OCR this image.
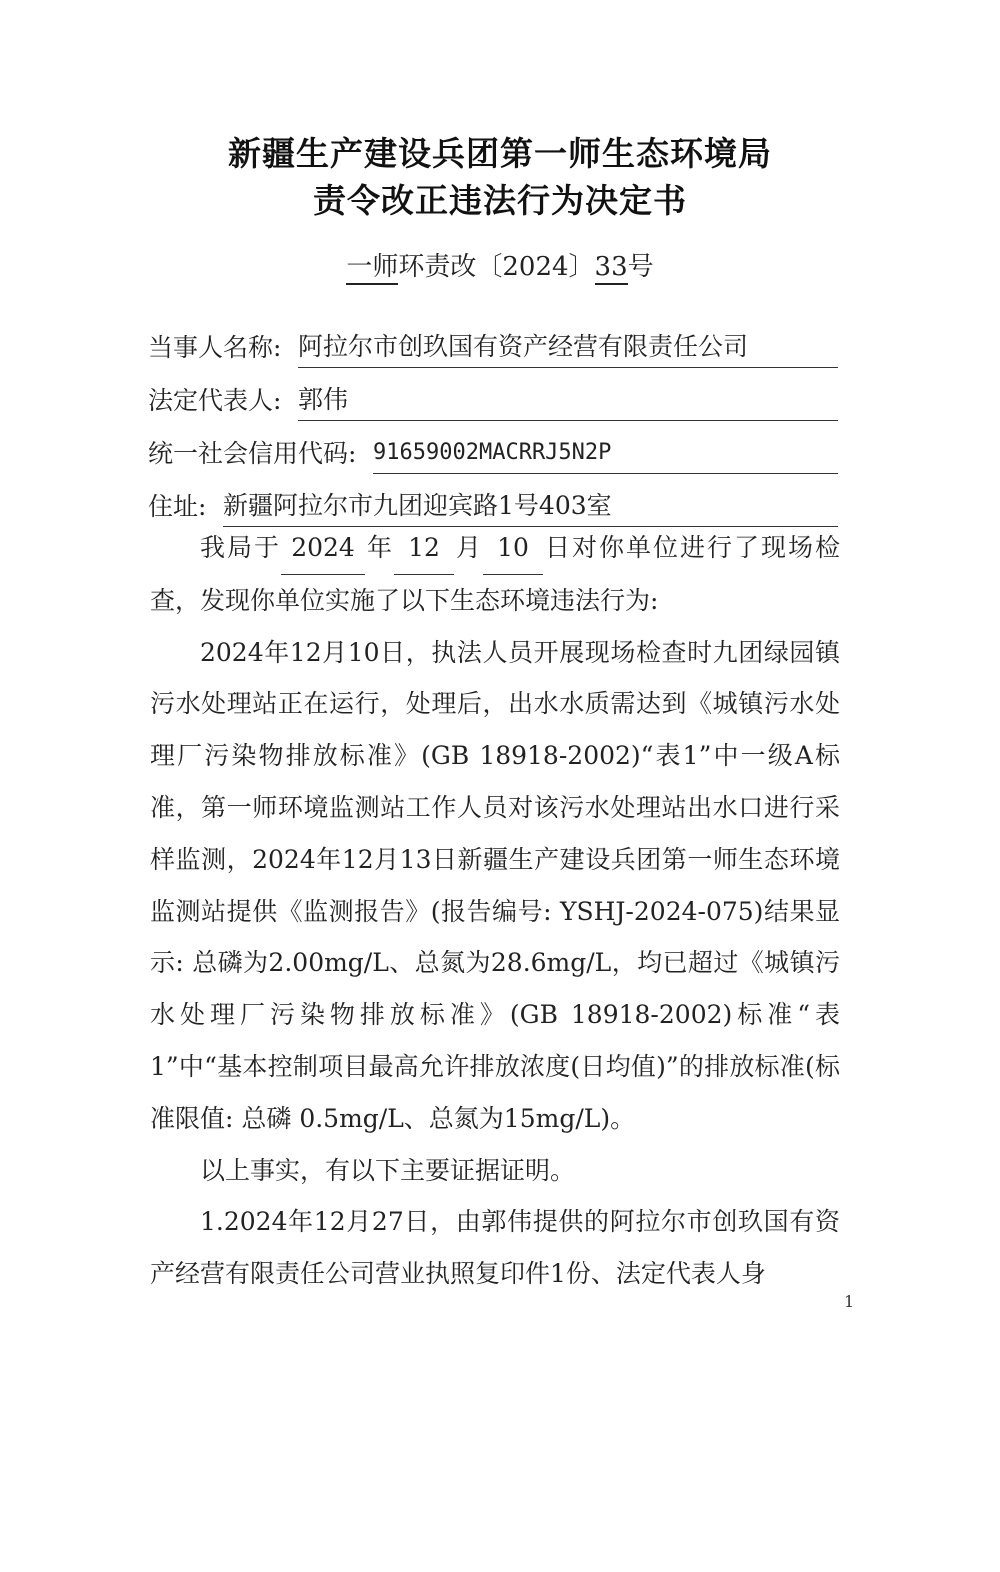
新疆生产建设兵团第一师生态环境局
责令改正违法行为决定书
一师环责改〔2024〕33号
当事人名称: 阿拉尔市创玖国有资产经营有限责任公司
法定代表人: 郭伟
统一社会信用代码: 91659002MACRRJ5N2P
住址: 新疆阿拉尔市九团迎宾路1号403室

我局于 2024 年 12 月 10 日对你单位进行了现场检查，发现你单位实施了以下生态环境违法行为:

2024年12月10日，执法人员开展现场检查时九团绿园镇污水处理站正在运行，处理后，出水水质需达到《城镇污水处理厂污染物排放标准》(GB 18918-2002)“表1”中一级A标准，第一师环境监测站工作人员对该污水处理站出水口进行采样监测，2024年12月13日新疆生产建设兵团第一师生态环境监测站提供《监测报告》(报告编号: YSHJ-2024-075)结果显示: 总磷为2.00mg/L、总氮为28.6mg/L，均已超过《城镇污水处理厂污染物排放标准》(GB 18918-2002)标准“表1”中“基本控制项目最高允许排放浓度(日均值)”的排放标准(标准限值: 总磷 0.5mg/L、总氮为15mg/L)。

以上事实，有以下主要证据证明。

1.2024年12月27日，由郭伟提供的阿拉尔市创玖国有资产经营有限责任公司营业执照复印件1份、法定代表人身

1
